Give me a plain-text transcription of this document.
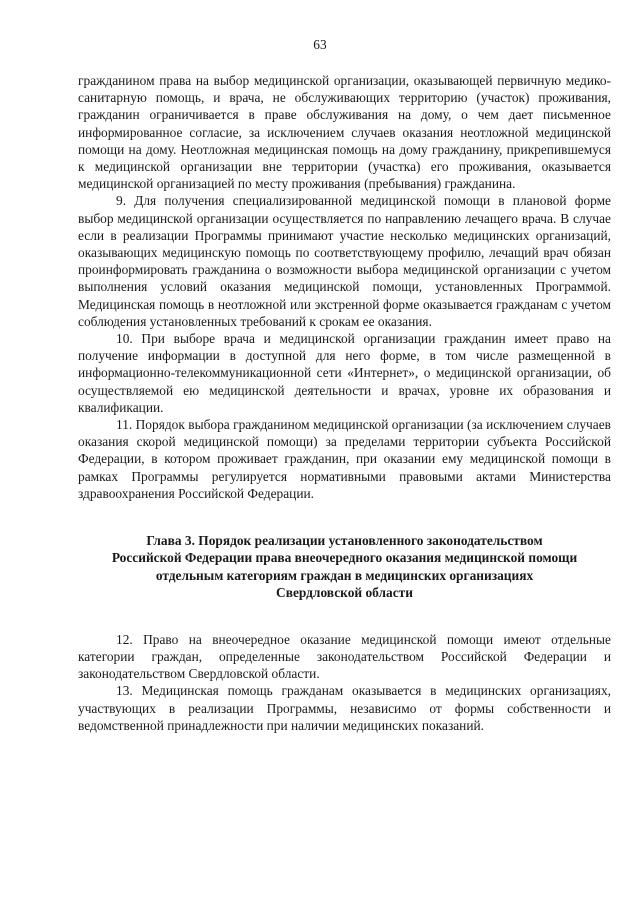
63

гражданином права на выбор медицинской организации, оказывающей первичную медико-санитарную помощь, и врача, не обслуживающих территорию (участок) проживания, гражданин ограничивается в праве обслуживания на дому, о чем дает письменное информированное согласие, за исключением случаев оказания неотложной медицинской помощи на дому. Неотложная медицинская помощь на дому гражданину, прикрепившемуся к медицинской организации вне территории (участка) его проживания, оказывается медицинской организацией по месту проживания (пребывания) гражданина.

9. Для получения специализированной медицинской помощи в плановой форме выбор медицинской организации осуществляется по направлению лечащего врача. В случае если в реализации Программы принимают участие несколько медицинских организаций, оказывающих медицинскую помощь по соответствующему профилю, лечащий врач обязан проинформировать гражданина о возможности выбора медицинской организации с учетом выполнения условий оказания медицинской помощи, установленных Программой. Медицинская помощь в неотложной или экстренной форме оказывается гражданам с учетом соблюдения установленных требований к срокам ее оказания.

10. При выборе врача и медицинской организации гражданин имеет право на получение информации в доступной для него форме, в том числе размещенной в информационно-телекоммуникационной сети «Интернет», о медицинской организации, об осуществляемой ею медицинской деятельности и врачах, уровне их образования и квалификации.

11. Порядок выбора гражданином медицинской организации (за исключением случаев оказания скорой медицинской помощи) за пределами территории субъекта Российской Федерации, в котором проживает гражданин, при оказании ему медицинской помощи в рамках Программы регулируется нормативными правовыми актами Министерства здравоохранения Российской Федерации.

Глава 3. Порядок реализации установленного законодательством
Российской Федерации права внеочередного оказания медицинской помощи
отдельным категориям граждан в медицинских организациях
Свердловской области

12. Право на внеочередное оказание медицинской помощи имеют отдельные категории граждан, определенные законодательством Российской Федерации и законодательством Свердловской области.

13. Медицинская помощь гражданам оказывается в медицинских организациях, участвующих в реализации Программы, независимо от формы собственности и ведомственной принадлежности при наличии медицинских показаний.
